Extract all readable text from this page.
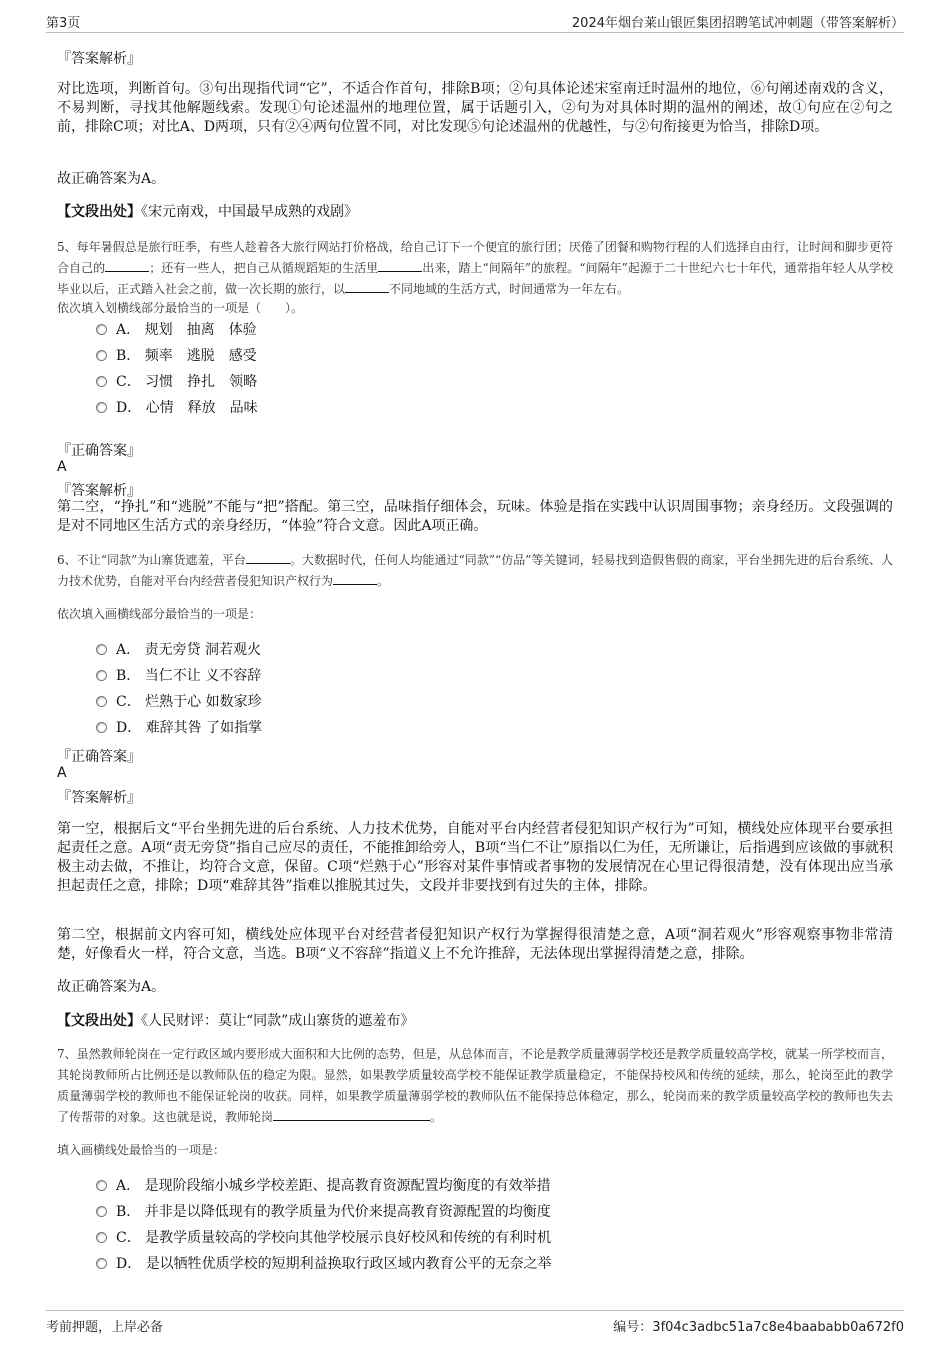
第3页	2024年烟台莱山银匠集团招聘笔试冲刺题（带答案解析）
『答案解析』
对比选项，判断首句。③句出现指代词“它”，不适合作首句，排除B项；②句具体论述宋室南迁时温州的地位，⑥句阐述南戏的含义，不易判断，寻找其他解题线索。发现①句论述温州的地理位置，属于话题引入，②句为对具体时期的温州的阐述，故①句应在②句之前，排除C项；对比A、D两项，只有②④两句位置不同，对比发现⑤句论述温州的优越性，与②句衔接更为恰当，排除D项。
故正确答案为A。
【文段出处】《宋元南戏，中国最早成熟的戏剧》
5、每年暑假总是旅行旺季，有些人趁着各大旅行网站打价格战，给自己订下一个便宜的旅行团；厌倦了团餐和购物行程的人们选择自由行，让时间和脚步更符合自己的	；还有一些人，把自己从循规蹈矩的生活里	出来，踏上“间隔年”的旅程。“间隔年”起源于二十世纪六七十年代，通常指年轻人从学校毕业以后，正式踏入社会之前，做一次长期的旅行，以	不同地域的生活方式，时间通常为一年左右。
依次填入划横线部分最恰当的一项是（　　）。
A． 规划　抽离　体验
B． 频率　逃脱　感受
C． 习惯　挣扎　领略
D． 心情　释放　品味
『正确答案』
A
『答案解析』
第二空，“挣扎”和“逃脱”不能与“把”搭配。第三空，品味指仔细体会，玩味。体验是指在实践中认识周围事物；亲身经历。文段强调的是对不同地区生活方式的亲身经历，“体验”符合文意。因此A项正确。
6、不让“同款”为山寨货遮羞，平台	。大数据时代，任何人均能通过“同款”“仿品”等关键词，轻易找到造假售假的商家，平台坐拥先进的后台系统、人力技术优势，自能对平台内经营者侵犯知识产权行为	。
依次填入画横线部分最恰当的一项是：
A． 责无旁贷 洞若观火
B． 当仁不让 义不容辞
C． 烂熟于心 如数家珍
D． 难辞其咎 了如指掌
『正确答案』
A
『答案解析』
第一空，根据后文“平台坐拥先进的后台系统、人力技术优势，自能对平台内经营者侵犯知识产权行为”可知，横线处应体现平台要承担起责任之意。A项“责无旁贷”指自己应尽的责任，不能推卸给旁人，B项“当仁不让”原指以仁为任，无所谦让，后指遇到应该做的事就积极主动去做，不推让，均符合文意，保留。C项“烂熟于心”形容对某件事情或者事物的发展情况在心里记得很清楚，没有体现出应当承担起责任之意，排除；D项“难辞其咎”指难以推脱其过失，文段并非要找到有过失的主体，排除。
第二空，根据前文内容可知，横线处应体现平台对经营者侵犯知识产权行为掌握得很清楚之意，A项“洞若观火”形容观察事物非常清楚，好像看火一样，符合文意，当选。B项“义不容辞”指道义上不允许推辞，无法体现出掌握得清楚之意，排除。
故正确答案为A。
【文段出处】《人民财评：莫让“同款”成山寨货的遮羞布》
7、虽然教师轮岗在一定行政区域内要形成大面积和大比例的态势，但是，从总体而言，不论是教学质量薄弱学校还是教学质量较高学校，就某一所学校而言，其轮岗教师所占比例还是以教师队伍的稳定为限。显然，如果教学质量较高学校不能保证教学质量稳定，不能保持校风和传统的延续，那么，轮岗至此的教学质量薄弱学校的教师也不能保证轮岗的收获。同样，如果教学质量薄弱学校的教师队伍不能保持总体稳定，那么，轮岗而来的教学质量较高学校的教师也失去了传帮带的对象。这也就是说，教师轮岗	。
填入画横线处最恰当的一项是：
A． 是现阶段缩小城乡学校差距、提高教育资源配置均衡度的有效举措
B． 并非是以降低现有的教学质量为代价来提高教育资源配置的均衡度
C． 是教学质量较高的学校向其他学校展示良好校风和传统的有利时机
D． 是以牺牲优质学校的短期利益换取行政区域内教育公平的无奈之举
考前押题，上岸必备	编号：3f04c3adbc51a7c8e4baababb0a672f0
